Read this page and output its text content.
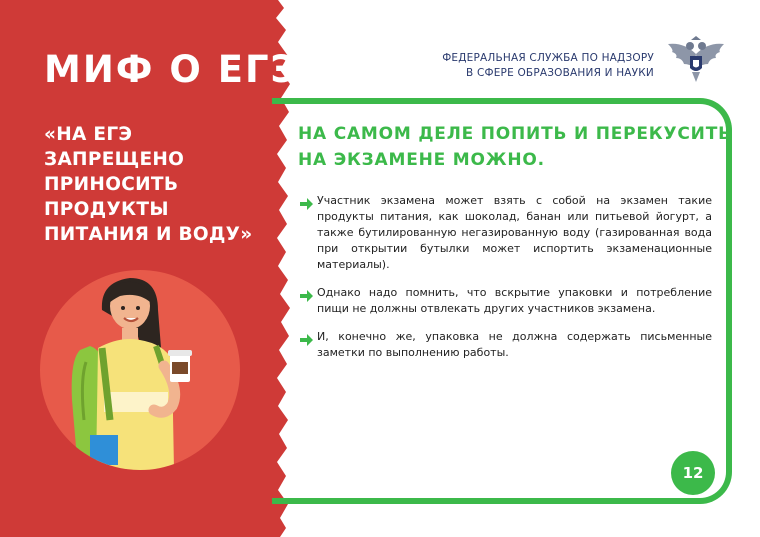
МИФ О ЕГЭ
«НА ЕГЭ
ЗАПРЕЩЕНО
ПРИНОСИТЬ
ПРОДУКТЫ
ПИТАНИЯ И ВОДУ»
ФЕДЕРАЛЬНАЯ СЛУЖБА ПО НАДЗОРУ
В СФЕРЕ ОБРАЗОВАНИЯ И НАУКИ
НА САМОМ ДЕЛЕ ПОПИТЬ И ПЕРЕКУСИТЬ
НА ЭКЗАМЕНЕ МОЖНО.
Участник экзамена может взять с собой на экзамен такие продукты питания, как шоколад, банан или питьевой йогурт, а также бутилированную негазированную воду (газированная вода при открытии бутылки может испортить экзаменационные материалы).
Однако надо помнить, что вскрытие упаковки и потребление пищи не должны отвлекать других участников экзамена.
И, конечно же, упаковка не должна содержать письменные заметки по выполнению работы.
12
